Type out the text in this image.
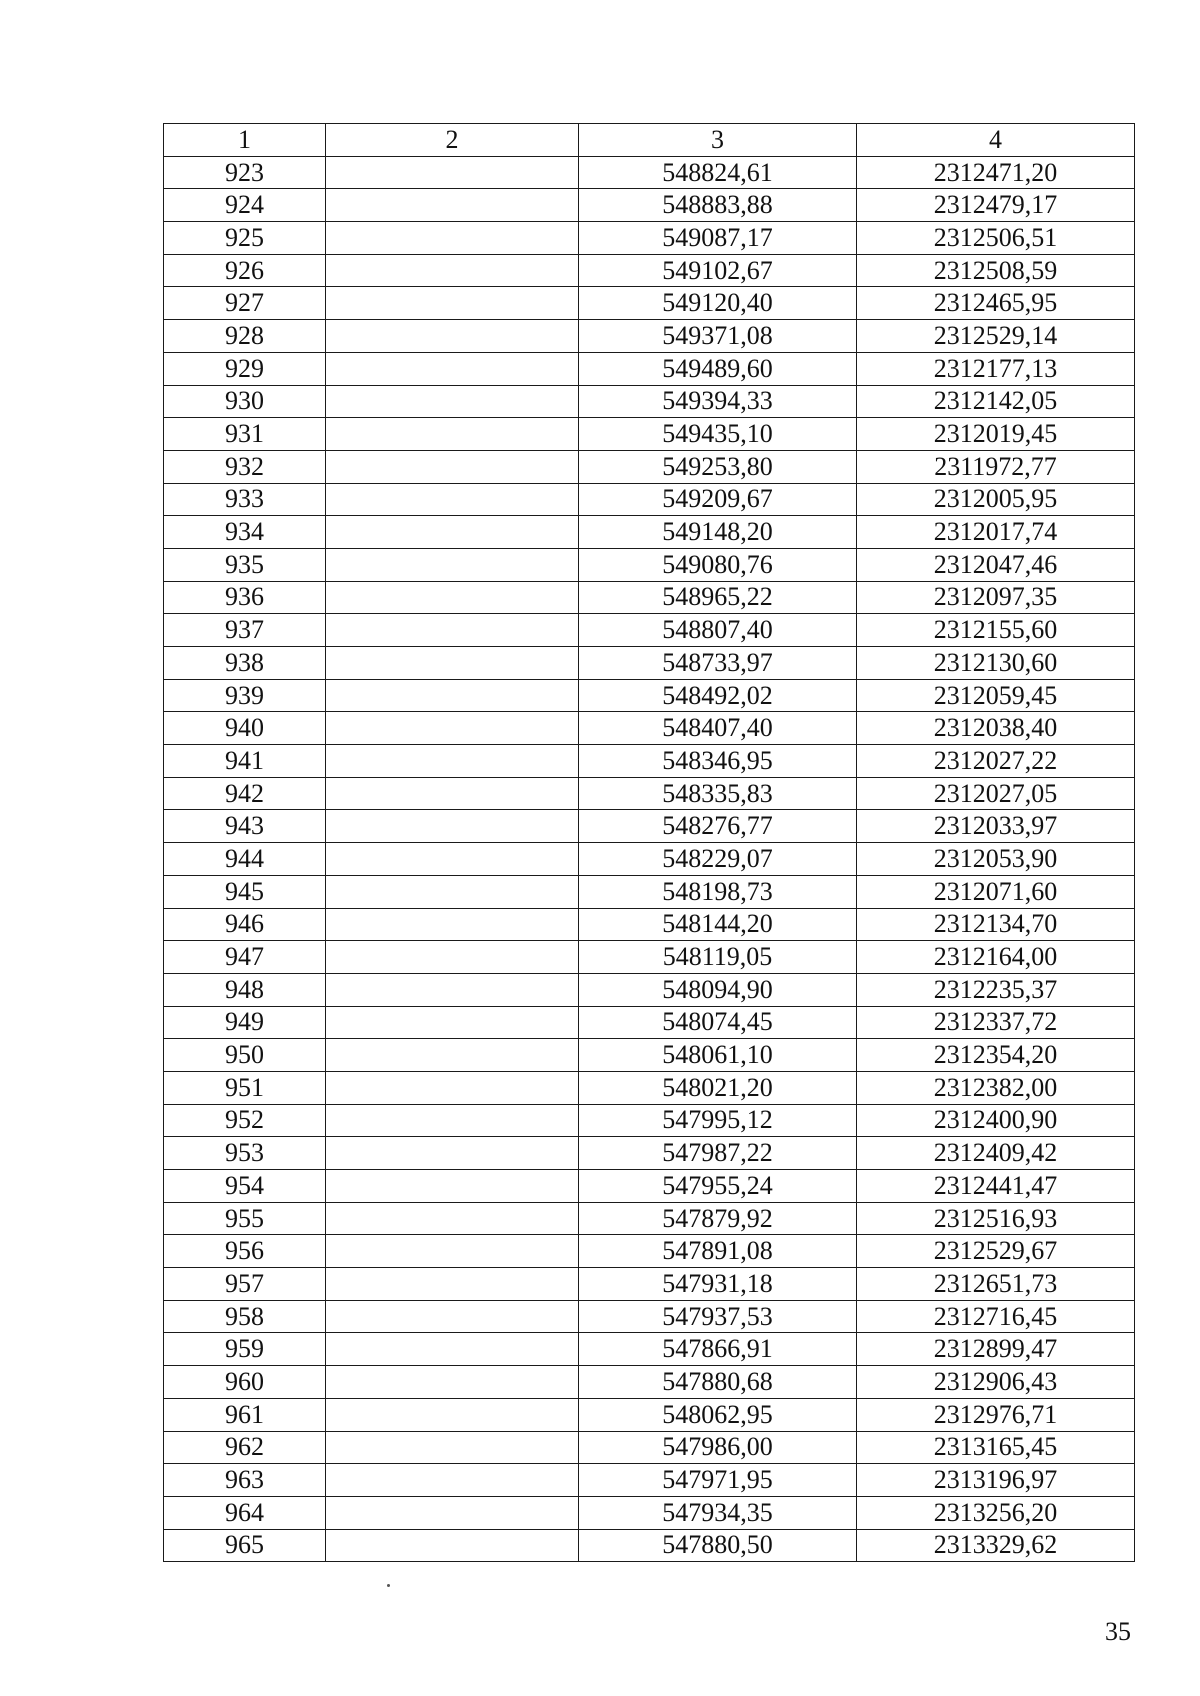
1	2	3	4
923		548824,61	2312471,20
924		548883,88	2312479,17
925		549087,17	2312506,51
926		549102,67	2312508,59
927		549120,40	2312465,95
928		549371,08	2312529,14
929		549489,60	2312177,13
930		549394,33	2312142,05
931		549435,10	2312019,45
932		549253,80	2311972,77
933		549209,67	2312005,95
934		549148,20	2312017,74
935		549080,76	2312047,46
936		548965,22	2312097,35
937		548807,40	2312155,60
938		548733,97	2312130,60
939		548492,02	2312059,45
940		548407,40	2312038,40
941		548346,95	2312027,22
942		548335,83	2312027,05
943		548276,77	2312033,97
944		548229,07	2312053,90
945		548198,73	2312071,60
946		548144,20	2312134,70
947		548119,05	2312164,00
948		548094,90	2312235,37
949		548074,45	2312337,72
950		548061,10	2312354,20
951		548021,20	2312382,00
952		547995,12	2312400,90
953		547987,22	2312409,42
954		547955,24	2312441,47
955		547879,92	2312516,93
956		547891,08	2312529,67
957		547931,18	2312651,73
958		547937,53	2312716,45
959		547866,91	2312899,47
960		547880,68	2312906,43
961		548062,95	2312976,71
962		547986,00	2313165,45
963		547971,95	2313196,97
964		547934,35	2313256,20
965		547880,50	2313329,62
35
